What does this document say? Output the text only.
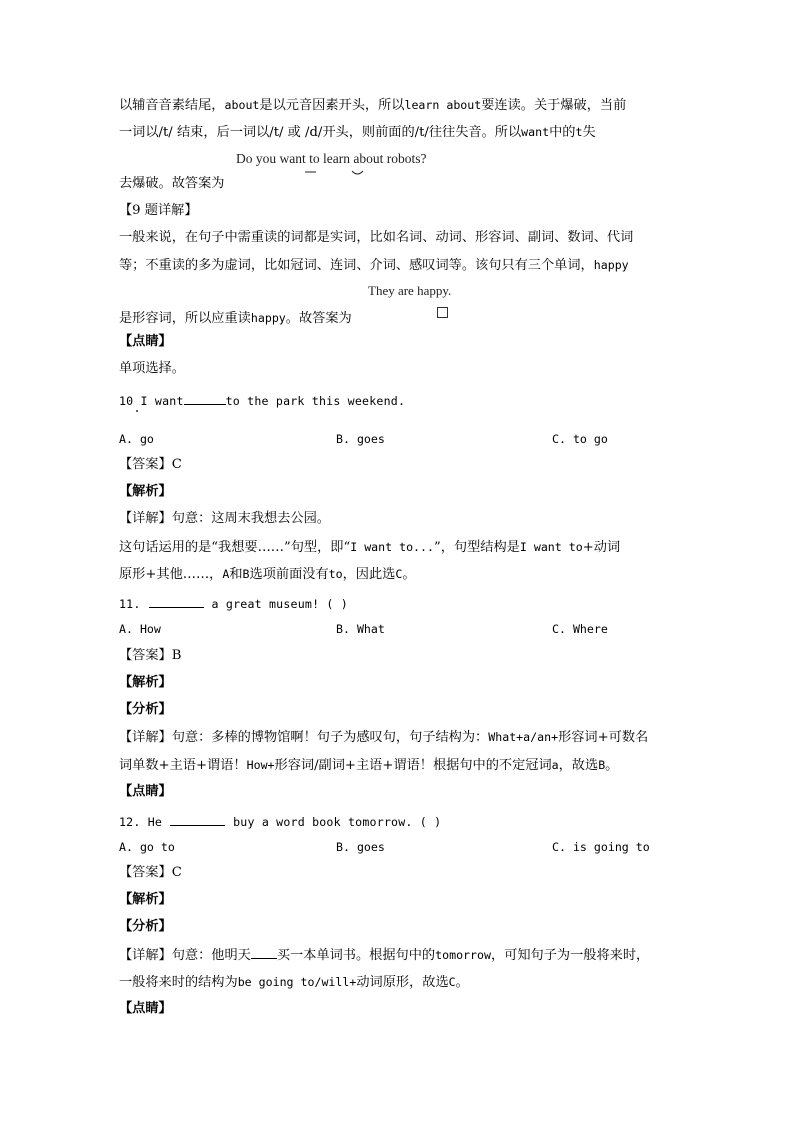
以辅音音素结尾，about是以元音因素开头，所以learn about要连读。关于爆破，当前
一词以/t/ 结束，后一词以/t/ 或 /d/开头，则前面的/t/往往失音。所以want中的t失
Do you want to learn about robots?
去爆破。故答案为
【9 题详解】
一般来说，在句子中需重读的词都是实词，比如名词、动词、形容词、副词、数词、代词
等；不重读的多为虚词，比如冠词、连词、介词、感叹词等。该句只有三个单词，happy
They are happy.
是形容词，所以应重读happy。故答案为
【点睛】
单项选择。
10 I want	to the park this weekend.
A. go	B. goes	C. to go
【答案】C
【解析】
【详解】句意：这周末我想去公园。
这句话运用的是“我想要……”句型，即“I want to...”，句型结构是I want to+动词
原形+其他……，A和B选项前面没有to，因此选C。
11.	a great museum! ( )
A. How	B. What	C. Where
【答案】B
【解析】
【分析】
【详解】句意：多棒的博物馆啊！句子为感叹句，句子结构为：What+a/an+形容词+可数名
词单数+主语+谓语！How+形容词/副词+主语+谓语！根据句中的不定冠词a，故选B。
【点睛】
12. He	buy a word book tomorrow. ( )
A. go to	B. goes	C. is going to
【答案】C
【解析】
【分析】
【详解】句意：他明天 买一本单词书。根据句中的tomorrow，可知句子为一般将来时，
一般将来时的结构为be going to/will+动词原形，故选C。
【点睛】
